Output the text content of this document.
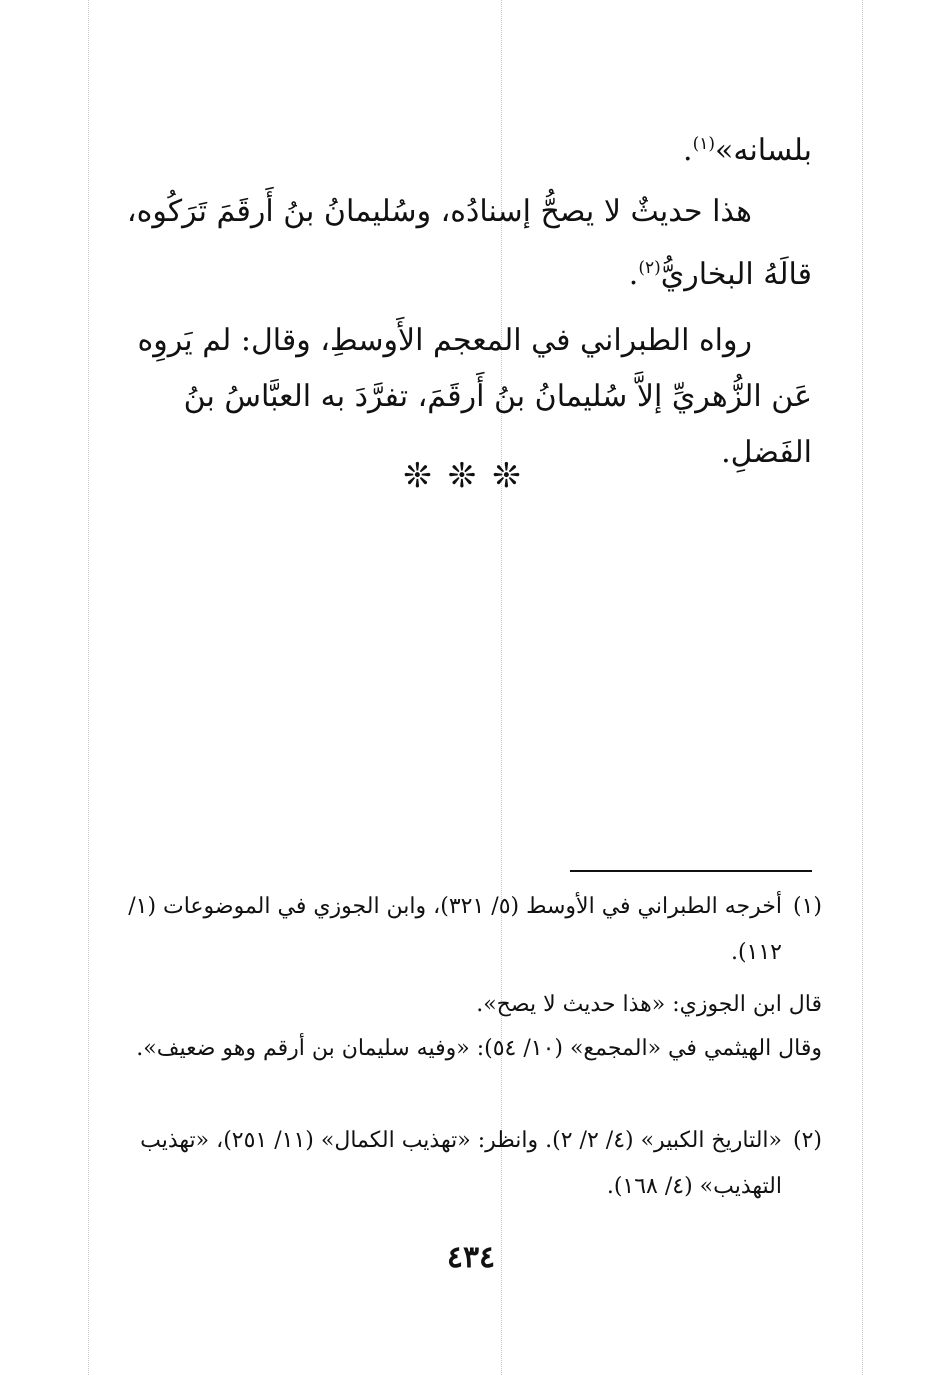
بلسانه»$^{(١)}$.
هذا حديثٌ لا يصحُّ إسنادُه، وسُليمانُ بنُ أَرقَمَ تَرَكُوه، قالَهُ البخاريُّ$^{(٢)}$.
رواه الطبراني في المعجم الأَوسطِ، وقال: لم يَروِه عَن الزُّهريِّ إلاَّ سُليمانُ بنُ أَرقَمَ، تفرَّدَ به العبَّاسُ بنُ الفَضلِ.
❊❊❊
(١)
أخرجه الطبراني في الأوسط (٥/ ٣٢١)، وابن الجوزي في الموضوعات (١/ ١١٢).
قال ابن الجوزي: «هذا حديث لا يصح».
وقال الهيثمي في «المجمع» (١٠/ ٥٤): «وفيه سليمان بن أرقم وهو ضعيف».
(٢)
«التاريخ الكبير» (٤/ ٢/ ٢). وانظر: «تهذيب الكمال» (١١/ ٢٥١)، «تهذيب التهذيب» (٤/ ١٦٨).
٤٣٤
